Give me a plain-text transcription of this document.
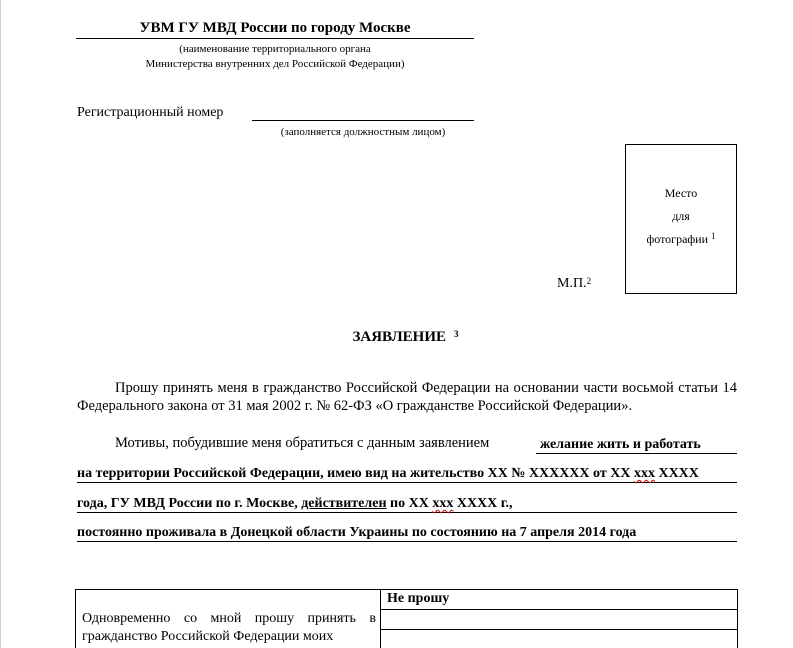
УВМ ГУ МВД России по городу Москве
(наименование территориального органа
Министерства внутренних дел Российской Федерации)
Регистрационный номер
(заполняется должностным лицом)
Место
для
фотографии $^1$
М.П.$^2$
ЗАЯВЛЕНИЕ $^3$
Прошу принять меня в гражданство Российской Федерации на основании части восьмой статьи 14 Федерального закона от 31 мая 2002 г. № 62-ФЗ «О гражданстве Российской Федерации».
Мотивы, побудившие меня обратиться с данным заявлением	желание жить и работать
на территории Российской Федерации, имею вид на жительство XX № XXXXXX от XX xxx XXXX
года, ГУ МВД России по г. Москве, действителен по XX xxx XXXX г.,
постоянно проживала в Донецкой области Украины по состоянию на 7 апреля 2014 года
Одновременно со мной прошу принять в гражданство Российской Федерации моих	Не прошу
